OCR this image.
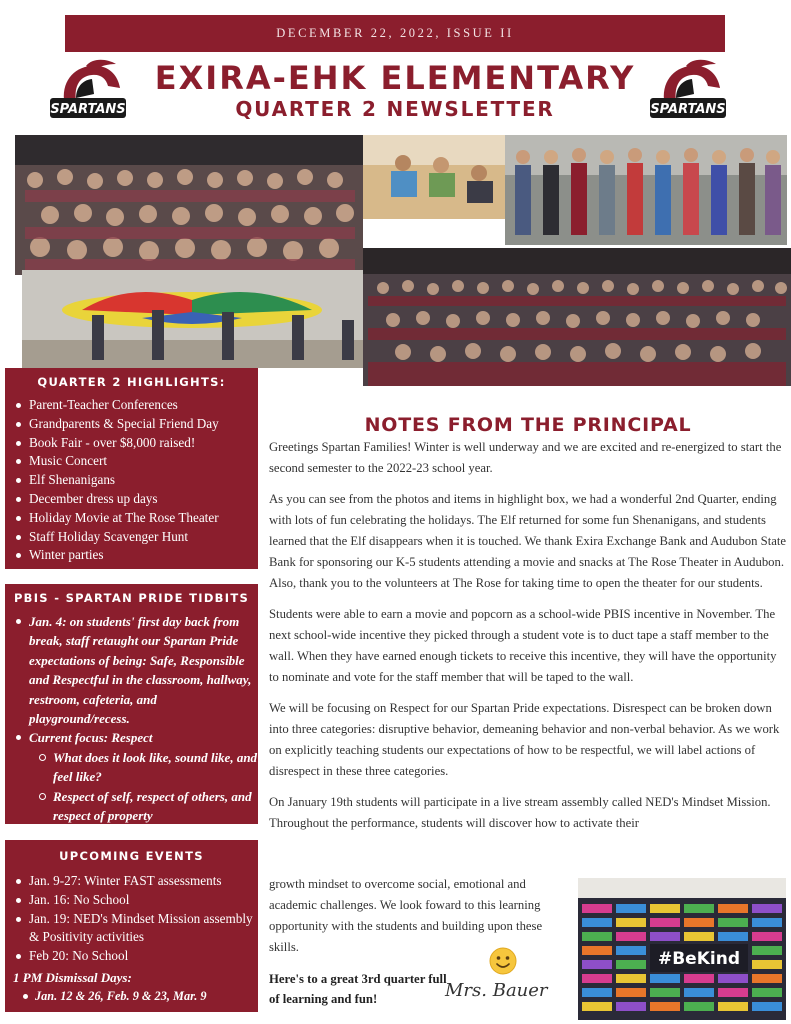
DECEMBER 22, 2022, ISSUE II
SPARTANS	SPARTANS
EXIRA-EHK ELEMENTARY
QUARTER 2 NEWSLETTER
QUARTER 2 HIGHLIGHTS:
Parent-Teacher Conferences
Grandparents & Special Friend Day
Book Fair - over $8,000 raised!
Music Concert
Elf Shenanigans
December dress up days
Holiday Movie at The Rose Theater
Staff Holiday Scavenger Hunt
Winter parties
PBIS - SPARTAN PRIDE TIDBITS
Jan. 4: on students' first day back from break, staff retaught our Spartan Pride expectations of being: Safe, Responsible and Respectful in the classroom, hallway, restroom, cafeteria, and playground/recess.
Current focus: Respect
What does it look like, sound like, and feel like?
Respect of self, respect of others, and respect of property
UPCOMING EVENTS
Jan. 9-27: Winter FAST assessments
Jan. 16: No School
Jan. 19: NED's Mindset Mission assembly & Positivity activities
Feb 20: No School
1 PM Dismissal Days:
Jan. 12 & 26, Feb. 9 & 23, Mar. 9
NOTES FROM THE PRINCIPAL

Greetings Spartan Families! Winter is well underway and we are excited and re-energized to start the second semester to the 2022-23 school year.

As you can see from the photos and items in highlight box, we had a wonderful 2nd Quarter, ending with lots of fun celebrating the holidays. The Elf returned for some fun Shenanigans, and students learned that the Elf disappears when it is touched. We thank Exira Exchange Bank and Audubon State Bank for sponsoring our K-5 students attending a movie and snacks at The Rose Theater in Audubon. Also, thank you to the volunteers at The Rose for taking time to open the theater for our students.

Students were able to earn a movie and popcorn as a school-wide PBIS incentive in November. The next school-wide incentive they picked through a student vote is to duct tape a staff member to the wall. When they have earned enough tickets to receive this incentive, they will have the opportunity to nominate and vote for the staff member that will be taped to the wall.

We will be focusing on Respect for our Spartan Pride expectations. Disrespect can be broken down into three categories: disruptive behavior, demeaning behavior and non-verbal behavior. As we work on explicitly teaching students our expectations of how to be respectful, we will label actions of disrespect in these three categories.

On January 19th students will participate in a live stream assembly called NED's Mindset Mission. Throughout the performance, students will discover how to activate their

growth mindset to overcome social, emotional and academic challenges. We look foward to this learning opportunity with the students and building upon these skills.
Here's to a great 3rd quarter full of learning and fun!	Mrs. Bauer
#BeKind
